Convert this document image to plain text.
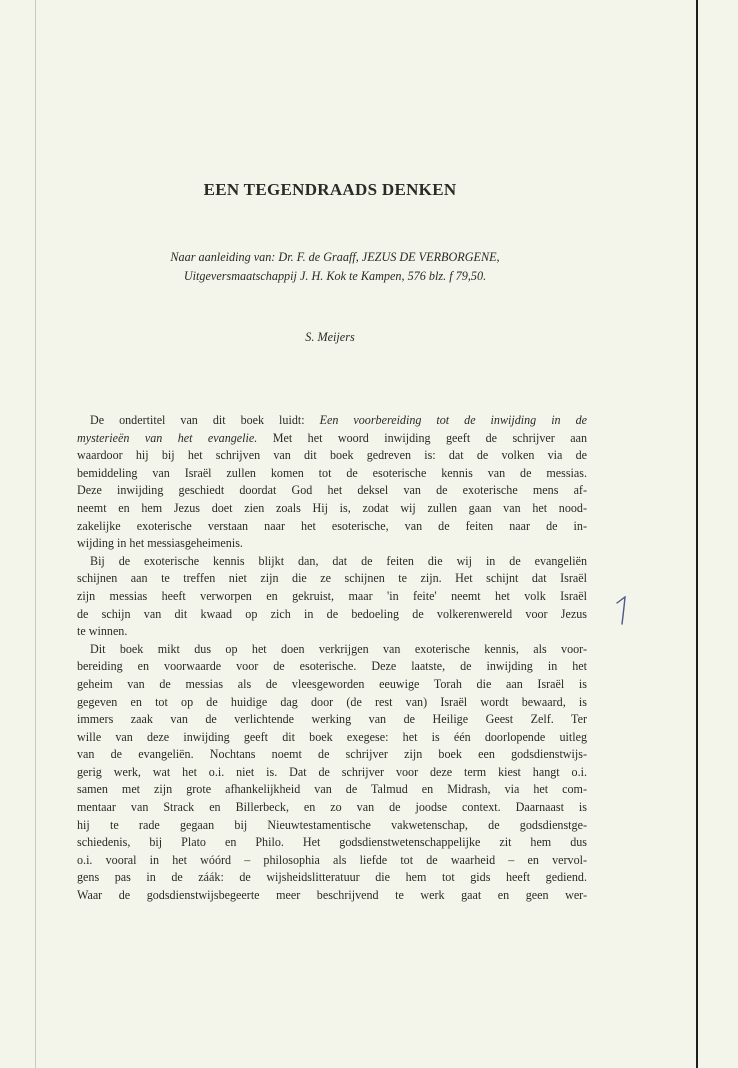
EEN TEGENDRAADS DENKEN
Naar aanleiding van: Dr. F. de Graaff, JEZUS DE VERBORGENE,
Uitgeversmaatschappij J. H. Kok te Kampen, 576 blz. f 79,50.
S. Meijers
De ondertitel van dit boek luidt: Een voorbereiding tot de inwijding in de
mysterieën van het evangelie. Met het woord inwijding geeft de schrijver aan
waardoor hij bij het schrijven van dit boek gedreven is: dat de volken via de
bemiddeling van Israël zullen komen tot de esoterische kennis van de messias.
Deze inwijding geschiedt doordat God het deksel van de exoterische mens af-
neemt en hem Jezus doet zien zoals Hij is, zodat wij zullen gaan van het nood-
zakelijke exoterische verstaan naar het esoterische, van de feiten naar de in-
wijding in het messiasgeheimenis.
Bij de exoterische kennis blijkt dan, dat de feiten die wij in de evangeliën
schijnen aan te treffen niet zijn die ze schijnen te zijn. Het schijnt dat Israël
zijn messias heeft verworpen en gekruist, maar 'in feite' neemt het volk Israël
de schijn van dit kwaad op zich in de bedoeling de volkerenwereld voor Jezus
te winnen.
Dit boek mikt dus op het doen verkrijgen van exoterische kennis, als voor-
bereiding en voorwaarde voor de esoterische. Deze laatste, de inwijding in het
geheim van de messias als de vleesgeworden eeuwige Torah die aan Israël is
gegeven en tot op de huidige dag door (de rest van) Israël wordt bewaard, is
immers zaak van de verlichtende werking van de Heilige Geest Zelf. Ter
wille van deze inwijding geeft dit boek exegese: het is één doorlopende uitleg
van de evangeliën. Nochtans noemt de schrijver zijn boek een godsdienstwijs-
gerig werk, wat het o.i. niet is. Dat de schrijver voor deze term kiest hangt o.i.
samen met zijn grote afhankelijkheid van de Talmud en Midrash, via het com-
mentaar van Strack en Billerbeck, en zo van de joodse context. Daarnaast is
hij te rade gegaan bij Nieuwtestamentische vakwetenschap, de godsdienstge-
schiedenis, bij Plato en Philo. Het godsdienstwetenschappelijke zit hem dus
o.i. vooral in het wóórd – philosophia als liefde tot de waarheid – en vervol-
gens pas in de záák: de wijsheidslitteratuur die hem tot gids heeft gediend.
Waar de godsdienstwijsbegeerte meer beschrijvend te werk gaat en geen wer-
